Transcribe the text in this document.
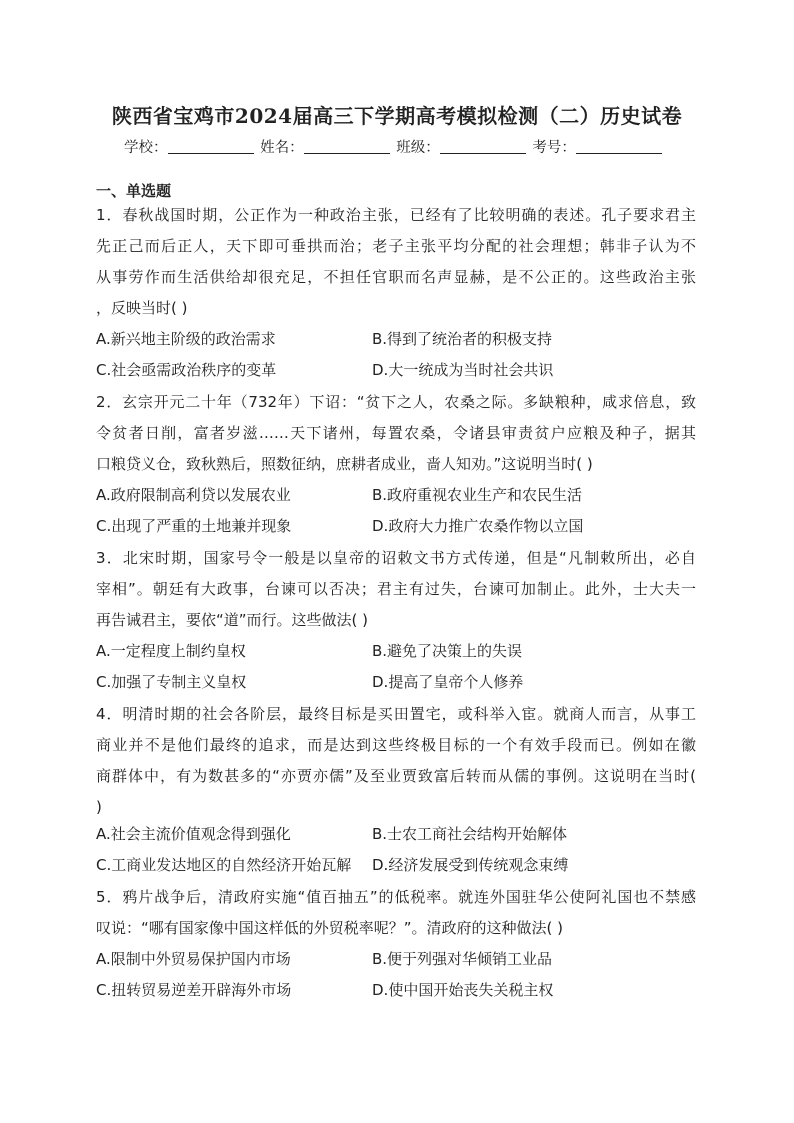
陕西省宝鸡市2024届高三下学期高考模拟检测（二）历史试卷
学校：	姓名：	班级：	考号：
一、单选题
1．春秋战国时期，公正作为一种政治主张，已经有了比较明确的表述。孔子要求君主
先正己而后正人，天下即可垂拱而治；老子主张平均分配的社会理想；韩非子认为不
从事劳作而生活供给却很充足，不担任官职而名声显赫，是不公正的。这些政治主张
，反映当时( )
A.新兴地主阶级的政治需求	B.得到了统治者的积极支持
C.社会亟需政治秩序的变革	D.大一统成为当时社会共识
2．玄宗开元二十年（732年）下诏：“贫下之人，农桑之际。多缺粮种，咸求倍息，致
令贫者日削，富者岁滋……天下诸州，每置农桑，令诸县审责贫户应粮及种子，据其
口粮贷义仓，致秋熟后，照数征纳，庶耕者成业，啬人知劝。”这说明当时( )
A.政府限制高利贷以发展农业	B.政府重视农业生产和农民生活
C.出现了严重的土地兼并现象	D.政府大力推广农桑作物以立国
3．北宋时期，国家号令一般是以皇帝的诏敕文书方式传递，但是“凡制敕所出，必自
宰相”。朝廷有大政事，台谏可以否决；君主有过失，台谏可加制止。此外，士大夫一
再告诫君主，要依“道”而行。这些做法( )
A.一定程度上制约皇权	B.避免了决策上的失误
C.加强了专制主义皇权	D.提高了皇帝个人修养
4．明清时期的社会各阶层，最终目标是买田置宅，或科举入宦。就商人而言，从事工
商业并不是他们最终的追求，而是达到这些终极目标的一个有效手段而已。例如在徽
商群体中，有为数甚多的“亦贾亦儒”及至业贾致富后转而从儒的事例。这说明在当时(
)
A.社会主流价值观念得到强化	B.士农工商社会结构开始解体
C.工商业发达地区的自然经济开始瓦解 D.经济发展受到传统观念束缚
5．鸦片战争后，清政府实施“值百抽五”的低税率。就连外国驻华公使阿礼国也不禁感
叹说：“哪有国家像中国这样低的外贸税率呢？”。清政府的这种做法( )
A.限制中外贸易保护国内市场	B.便于列强对华倾销工业品
C.扭转贸易逆差开辟海外市场	D.使中国开始丧失关税主权
